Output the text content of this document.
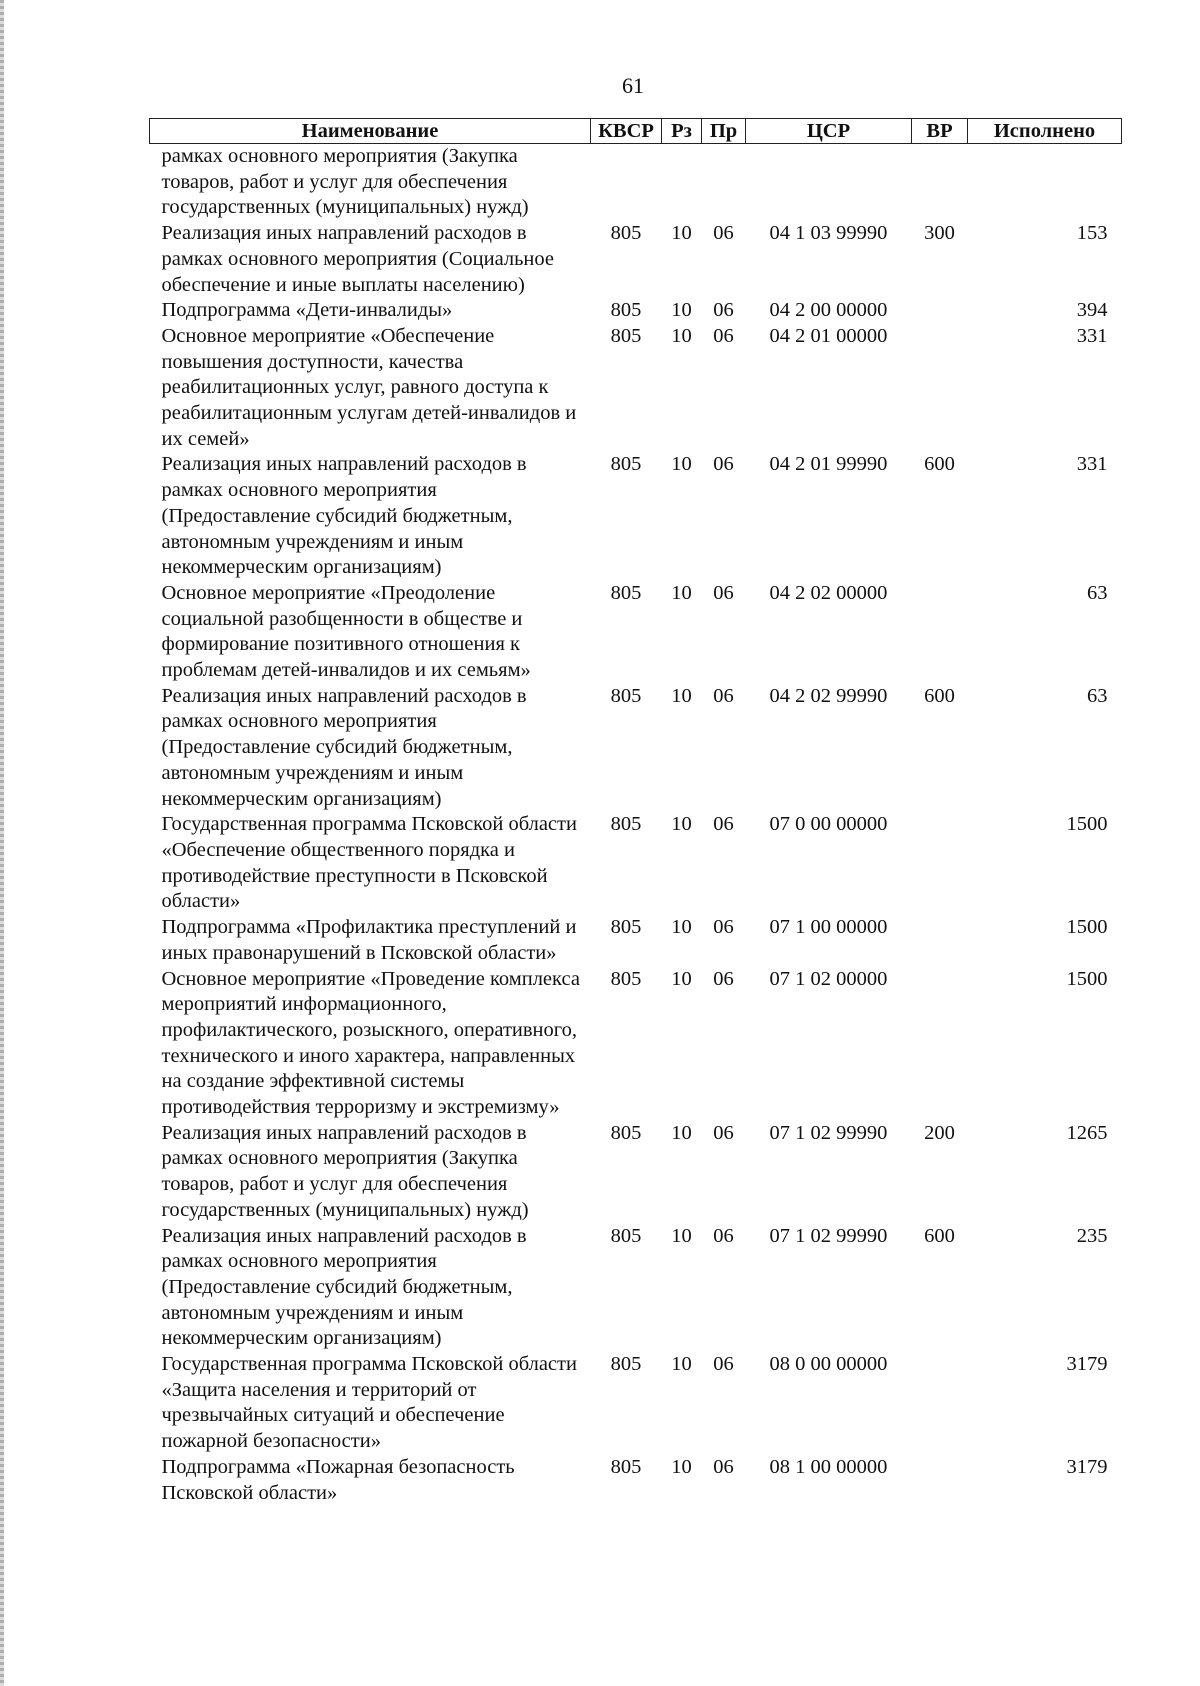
61
Наименование	КВСР	Рз	Пр	ЦСР	ВР	Исполнено
рамках основного мероприятия (Закупка товаров, работ и услуг для обеспечения государственных (муниципальных) нужд)						
Реализация иных направлений расходов в рамках основного мероприятия (Социальное обеспечение и иные выплаты населению)	805	10	06	04 1 03 99990	300	153
Подпрограмма «Дети-инвалиды»	805	10	06	04 2 00 00000		394
Основное мероприятие «Обеспечение повышения доступности, качества реабилитационных услуг, равного доступа к реабилитационным услугам детей-инвалидов и их семей»	805	10	06	04 2 01 00000		331
Реализация иных направлений расходов в рамках основного мероприятия (Предоставление субсидий бюджетным, автономным учреждениям и иным некоммерческим организациям)	805	10	06	04 2 01 99990	600	331
Основное мероприятие «Преодоление социальной разобщенности в обществе и формирование позитивного отношения к проблемам детей-инвалидов и их семьям»	805	10	06	04 2 02 00000		63
Реализация иных направлений расходов в рамках основного мероприятия (Предоставление субсидий бюджетным, автономным учреждениям и иным некоммерческим организациям)	805	10	06	04 2 02 99990	600	63
Государственная программа Псковской области «Обеспечение общественного порядка и противодействие преступности в Псковской области»	805	10	06	07 0 00 00000		1500
Подпрограмма «Профилактика преступлений и иных правонарушений в Псковской области»	805	10	06	07 1 00 00000		1500
Основное мероприятие «Проведение комплекса мероприятий информационного, профилактического, розыскного, оперативного, технического и иного характера, направленных на создание эффективной системы противодействия терроризму и экстремизму»	805	10	06	07 1 02 00000		1500
Реализация иных направлений расходов в рамках основного мероприятия (Закупка товаров, работ и услуг для обеспечения государственных (муниципальных) нужд)	805	10	06	07 1 02 99990	200	1265
Реализация иных направлений расходов в рамках основного мероприятия (Предоставление субсидий бюджетным, автономным учреждениям и иным некоммерческим организациям)	805	10	06	07 1 02 99990	600	235
Государственная программа Псковской области «Защита населения и территорий от чрезвычайных ситуаций и обеспечение пожарной безопасности»	805	10	06	08 0 00 00000		3179
Подпрограмма «Пожарная безопасность Псковской области»	805	10	06	08 1 00 00000		3179
